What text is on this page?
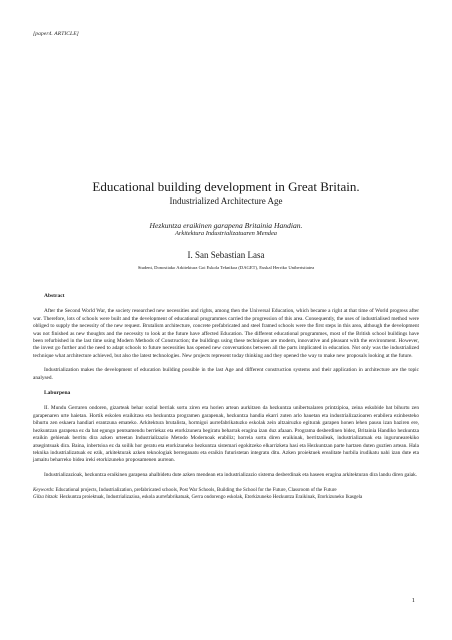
[paper4. ARTICLE]
Educational building development in Great Britain.
Industrialized Architecture Age
Hezkuntza eraikinen garapena Britainia Handian.
Arkitektura Industrializatuaren Mendea
I. San Sebastian Lasa
Student, Donostiako Arkitektura Goi Eskola Teknikoa (DAGET), Euskal Herriko Unibertsitatea
Abstract

After the Second World War, the society researched new necessities and rights, among then the Universal Education, which became a right at that time of World progress after war. Therefore, lots of schools were built and the development of educational programmes carried the progression of this area. Consequently, the uses of industrialised method were obliged to supply the necessity of the new request. Brutalism architecture, concrete prefabricated and steel framed schools were the first steps in this area, although the development was not finished as new thoughts and the necessity to look at the future have affected Education. The different educational programmes, most of the British school buildings have been refurbished in the last time using Modern Methods of Construction; the buildings using these techniques are modern, innovative and pleasant with the environment. However, the invest go further and the need to adapt schools to future necessities has opened new conversations between all the parts implicated in education. Not only was the industrialized technique what architecture achieved, but also the latest technologies. New projects represent today thinking and they opened the way to make new proposals looking at the future.

Industrialization makes the development of education building possible in the last Age and different construction systems and their application in architecture are the topic analysed.

Laburpena

II. Mundu Gerraren ondoren, gizarteak behar sozial berriak sortu ziren eta horien artean aurkitzen da hezkuntza unibertsalaren printzipioa, zeina eskubide bat bihurtu zen garapenaren urte haietan. Hortik eskolen eraikitzea eta hezkuntza programen garapenak, hezkuntza handia ekarri zuten arlo hauetan eta industrializazioaren erabilera ezinbesteko bihurtu zen eskaera handiari erantzuna emateko. Arkitektura brutalista, hormigoi aurrefabrikatuzko eskolak zein altzairuzko egiturak garapen honen lehen pausu izan baziren ere, hezkuntzan garapena ez da bat egungo pentsamendu berriekaz eta etorkizunera begiratu beharrak eragina izan duz afaaan. Programa desberdinen bidez, Britainia Handiko hezkuntza eraikin gehienak berritu dira azken urteetan Industrializazio Metodo Modernoak erabiliz; horrela sortu diren eraikinak, berritzaileak, industrializatuak eta ingurunearekiko atsegintsuak dira. Baina, inbertsioa ez da soilik hor geratu eta etorkizuneko hezkuntza sistemari egokitzeko elkarrizketa hasi eta Hezkuntzan parte hartzen duten guztien artean. Hala teknika industrializatuak ez ezik, arkitekturak azken teknologiak berreganatu eta eraikin futuristetan integratu ditu. Azken proiektuek erealitate hurbila irudikatu nahi izan dute eta jamaitu beharreko bidea irekí etorkizuneko proposamenen aurrean.

Industrializazioak, hezkuntza eraikinen garapena ahalbidetu dute azken mendean eta industrializazio sistema desberdinak eta haseen eragina arkitekturan dira landu diren gaiak.

Keywords: Educational projects, Industrialization, prefabricated schools, Post War Schools, Building the School for the Future, Classroom of the Future
Gilza hitzak: Hezkuntza proiektuak, Industrializazioa, eskola aurrefabrikatuak, Gerra ondorengo eskolak, Etorkizuneko Hezkuntza Eraikinak, Etorkizuneko Ikasgela
1
